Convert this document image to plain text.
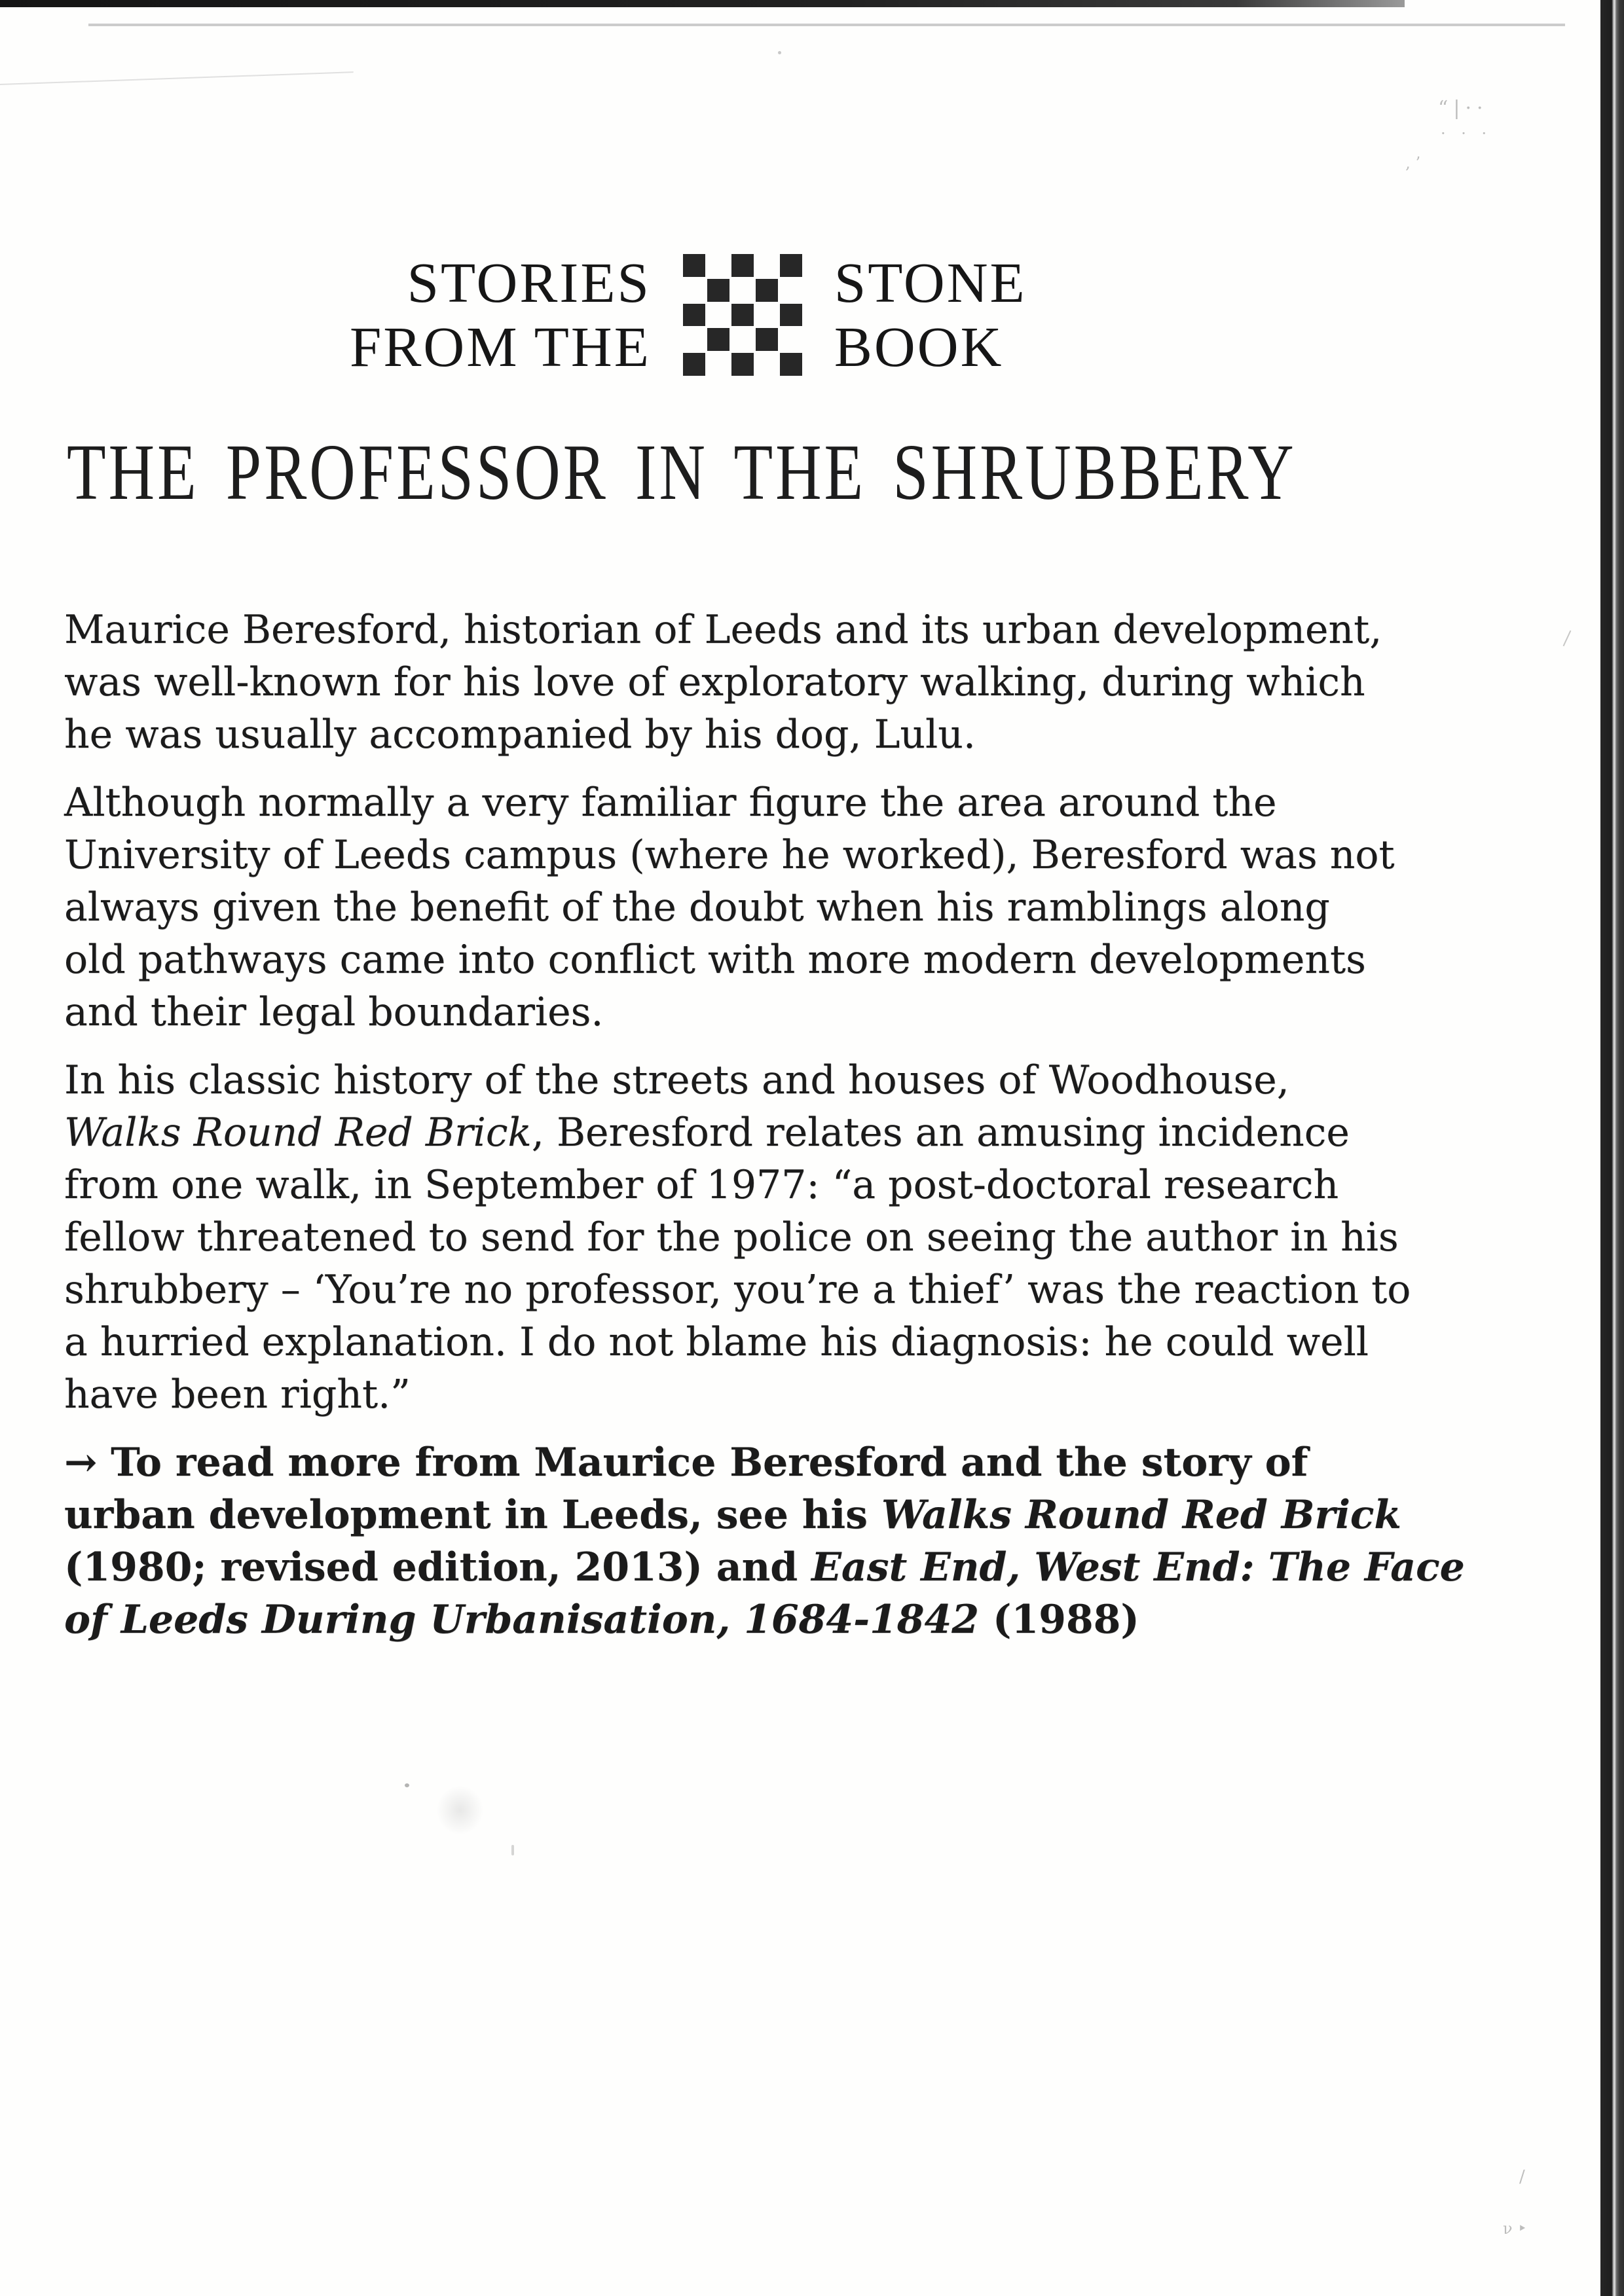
“|··
· · ·
‚’
/
ν‣
STORIES
FROM THE
STONE
BOOK
THE PROFESSOR IN THE SHRUBBERY

Maurice Beresford, historian of Leeds and its urban development,
was well-known for his love of exploratory walking, during which
he was usually accompanied by his dog, Lulu.

Although normally a very familiar figure the area around the
University of Leeds campus (where he worked), Beresford was not
always given the benefit of the doubt when his ramblings along
old pathways came into conflict with more modern developments
and their legal boundaries.

In his classic history of the streets and houses of Woodhouse,
Walks Round Red Brick, Beresford relates an amusing incidence
from one walk, in September of 1977: “a post-doctoral research
fellow threatened to send for the police on seeing the author in his
shrubbery – ‘You’re no professor, you’re a thief’ was the reaction to
a hurried explanation. I do not blame his diagnosis: he could well
have been right.”

→ To read more from Maurice Beresford and the story of
urban development in Leeds, see his Walks Round Red Brick
(1980; revised edition, 2013) and East End, West End: The Face
of Leeds During Urbanisation, 1684-1842 (1988)
